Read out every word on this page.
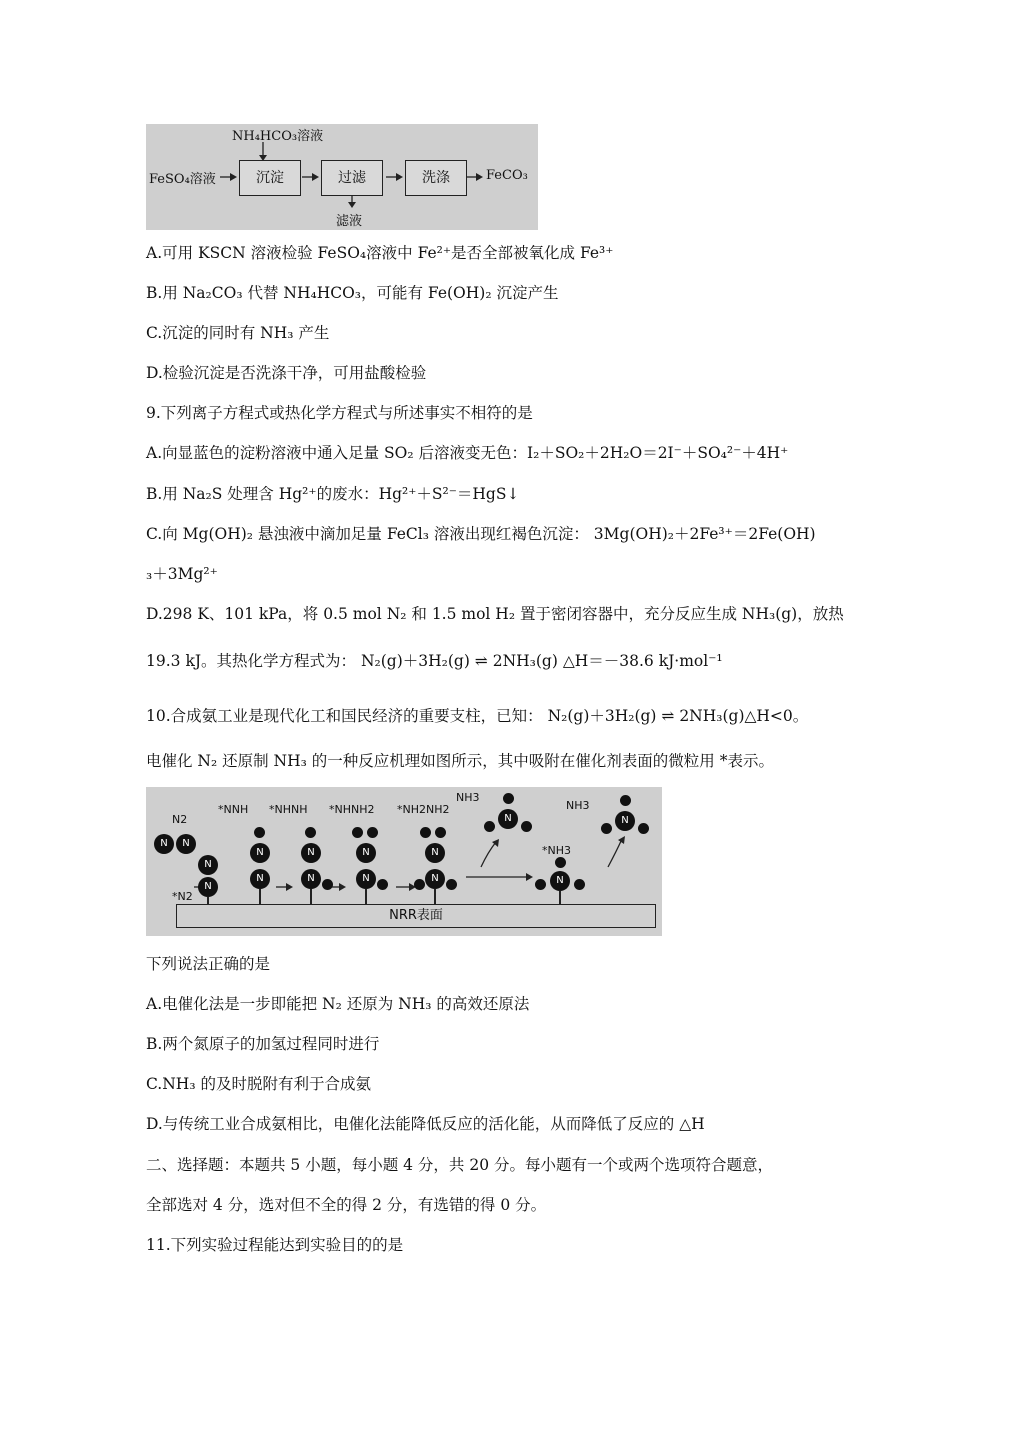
NH₄HCO₃溶液
FeSO₄溶液	沉淀	过滤	洗涤	FeCO₃
滤液
A.可用 KSCN 溶液检验 FeSO₄溶液中 Fe²⁺是否全部被氧化成 Fe³⁺
B.用 Na₂CO₃ 代替 NH₄HCO₃，可能有 Fe(OH)₂ 沉淀产生
C.沉淀的同时有 NH₃ 产生
D.检验沉淀是否洗涤干净，可用盐酸检验
9.下列离子方程式或热化学方程式与所述事实不相符的是
A.向显蓝色的淀粉溶液中通入足量 SO₂ 后溶液变无色：I₂＋SO₂＋2H₂O＝2I⁻＋SO₄²⁻＋4H⁺
B.用 Na₂S 处理含 Hg²⁺的废水：Hg²⁺＋S²⁻＝HgS↓
C.向 Mg(OH)₂ 悬浊液中滴加足量 FeCl₃ 溶液出现红褐色沉淀： 3Mg(OH)₂＋2Fe³⁺＝2Fe(OH)
₃＋3Mg²⁺
D.298 K、101 kPa，将 0.5 mol N₂ 和 1.5 mol H₂ 置于密闭容器中，充分反应生成 NH₃(g)，放热
19.3 kJ。其热化学方程式为： N₂(g)＋3H₂(g) ⇌ 2NH₃(g) △H＝－38.6 kJ·mol⁻¹
10.合成氨工业是现代化工和国民经济的重要支柱，已知： N₂(g)＋3H₂(g) ⇌ 2NH₃(g)△H<0。
电催化 N₂ 还原制 NH₃ 的一种反应机理如图所示，其中吸附在催化剂表面的微粒用 *表示。
N2
N	N
*N2
N
N
*NNH *NHNH *NHNH2 *NH2NH2
N
N
N
N
N
N
N
N
NH3
N
*NH3
N
NH3
N
NRR表面
下列说法正确的是
A.电催化法是一步即能把 N₂ 还原为 NH₃ 的高效还原法
B.两个氮原子的加氢过程同时进行
C.NH₃ 的及时脱附有利于合成氨
D.与传统工业合成氨相比，电催化法能降低反应的活化能，从而降低了反应的 △H
二、选择题：本题共 5 小题，每小题 4 分，共 20 分。每小题有一个或两个选项符合题意，
全部选对 4 分，选对但不全的得 2 分，有选错的得 0 分。
11.下列实验过程能达到实验目的的是
